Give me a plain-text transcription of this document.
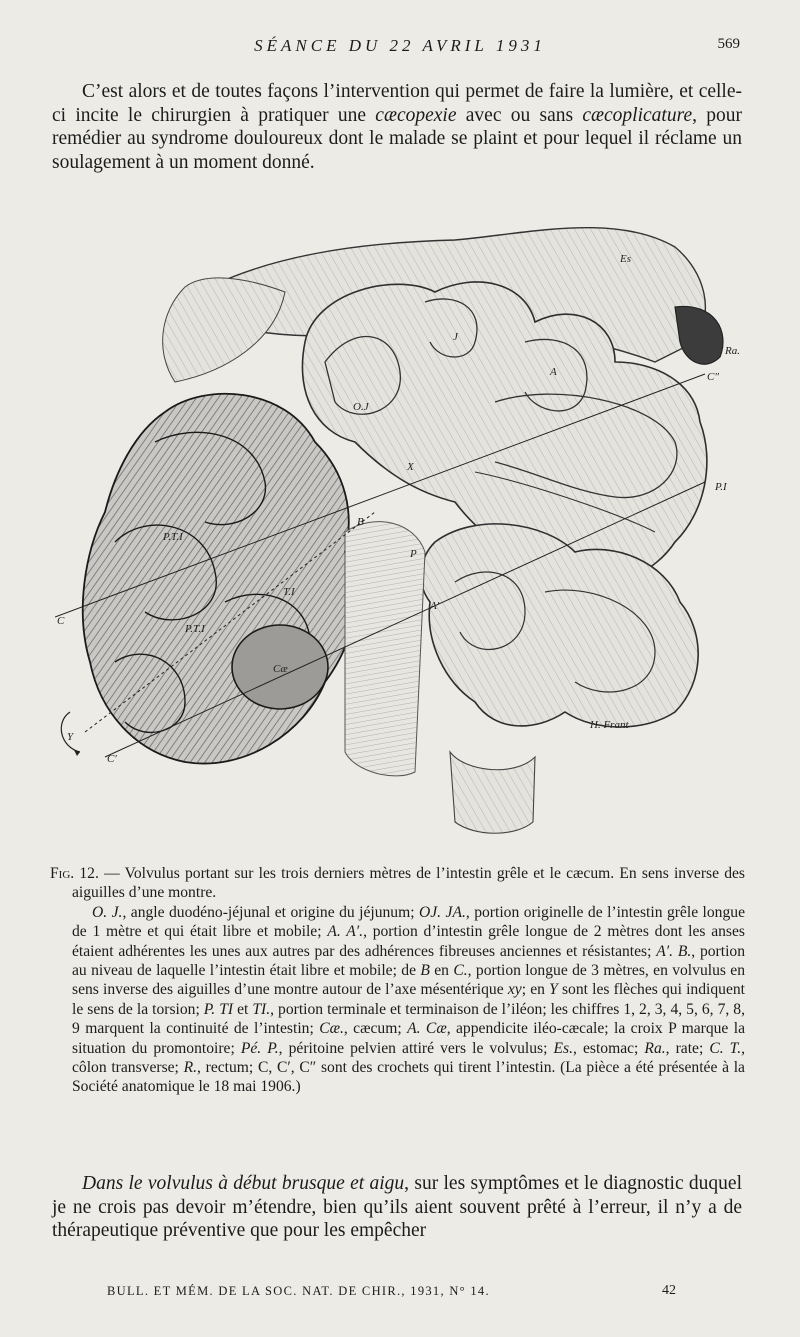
SÉANCE DU 22 AVRIL 1931	569

C’est alors et de toutes façons l’intervention qui permet de faire la lumière, et celle-ci incite le chirurgien à pratiquer une cæcopexie avec ou sans cæcoplicature, pour remédier au syndrome douloureux dont le malade se plaint et pour lequel il réclame un soulagement à un moment donné.

Es
Ra.
C″
J
O.J
A
P.I
P.T.I
T.I
B
P
A′
C
Cæ
P.T.I
C′
Y
X
H. Frant

Fig. 12. — Volvulus portant sur les trois derniers mètres de l’intestin grêle et le cæcum. En sens inverse des aiguilles d’une montre.
O. J., angle duodéno-jéjunal et origine du jéjunum; OJ. JA., portion originelle de l’intestin grêle longue de 1 mètre et qui était libre et mobile; A. A′., portion d’intestin grêle longue de 2 mètres dont les anses étaient adhérentes les unes aux autres par des adhérences fibreuses anciennes et résistantes; A′. B., portion au niveau de laquelle l’intestin était libre et mobile; de B en C., portion longue de 3 mètres, en volvulus en sens inverse des aiguilles d’une montre autour de l’axe mésentérique xy; en Y sont les flèches qui indiquent le sens de la torsion; P. TI et TI., portion terminale et terminaison de l’iléon; les chiffres 1, 2, 3, 4, 5, 6, 7, 8, 9 marquent la continuité de l’intestin; Cæ., cæcum; A. Cæ, appendicite iléo-cæcale; la croix P marque la situation du promontoire; Pé. P., péritoine pelvien attiré vers le volvulus; Es., estomac; Ra., rate; C. T., côlon transverse; R., rectum; C, C′, C″ sont des crochets qui tirent l’intestin. (La pièce a été présentée à la Société anatomique le 18 mai 1906.)

Dans le volvulus à début brusque et aigu, sur les symptômes et le diagnostic duquel je ne crois pas devoir m’étendre, bien qu’ils aient souvent prêté à l’erreur, il n’y a de thérapeutique préventive que pour les empêcher

BULL. ET MÉM. DE LA SOC. NAT. DE CHIR., 1931, N° 14.	42
